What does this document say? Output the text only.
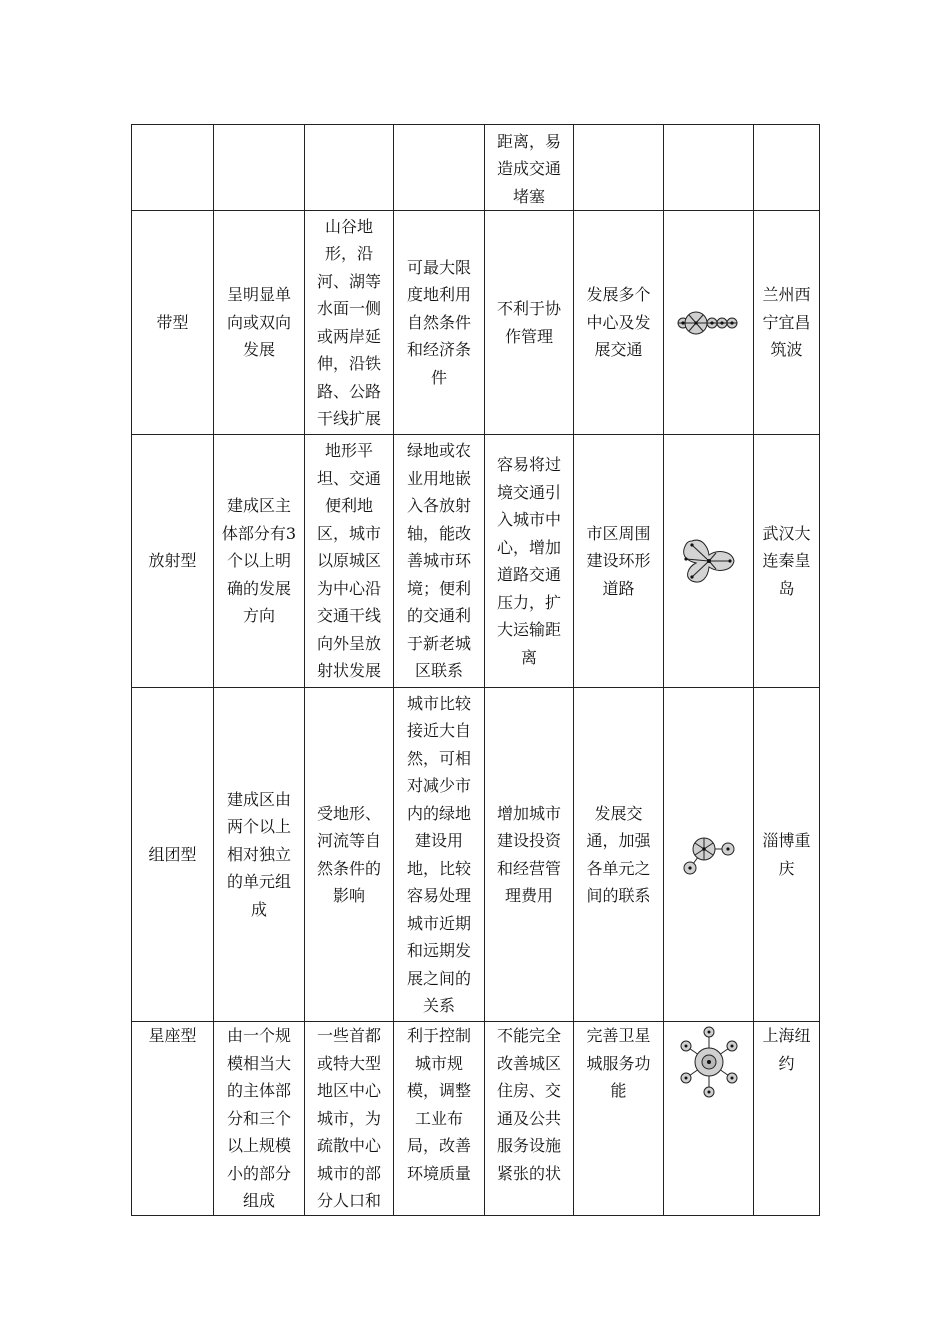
				距离，易造成交通堵塞			

带型	呈明显单向或双向发展	山谷地形，沿河、湖等水面一侧或两岸延伸，沿铁路、公路干线扩展	可最大限度地利用自然条件和经济条件	不利于协作管理	发展多个中心及发展交通		兰州西宁宜昌筑波

放射型	建成区主体部分有3个以上明确的发展方向	地形平坦、交通便利地区，城市以原城区为中心沿交通干线向外呈放射状发展	绿地或农业用地嵌入各放射轴，能改善城市环境；便利的交通利于新老城区联系	容易将过境交通引入城市中心，增加道路交通压力，扩大运输距离	市区周围建设环形道路		武汉大连秦皇岛

组团型	建成区由两个以上相对独立的单元组成	受地形、河流等自然条件的影响	城市比较接近大自然，可相对减少市内的绿地建设用地，比较容易处理城市近期和远期发展之间的关系	增加城市建设投资和经营管理费用	发展交通，加强各单元之间的联系		淄博重庆

星座型	由一个规模相当大的主体部分和三个以上规模小的部分组成	一些首都或特大型地区中心城市，为疏散中心城市的部分人口和	利于控制城市规模，调整工业布局，改善环境质量	不能完全改善城区住房、交通及公共服务设施紧张的状	完善卫星城服务功能		上海纽约
